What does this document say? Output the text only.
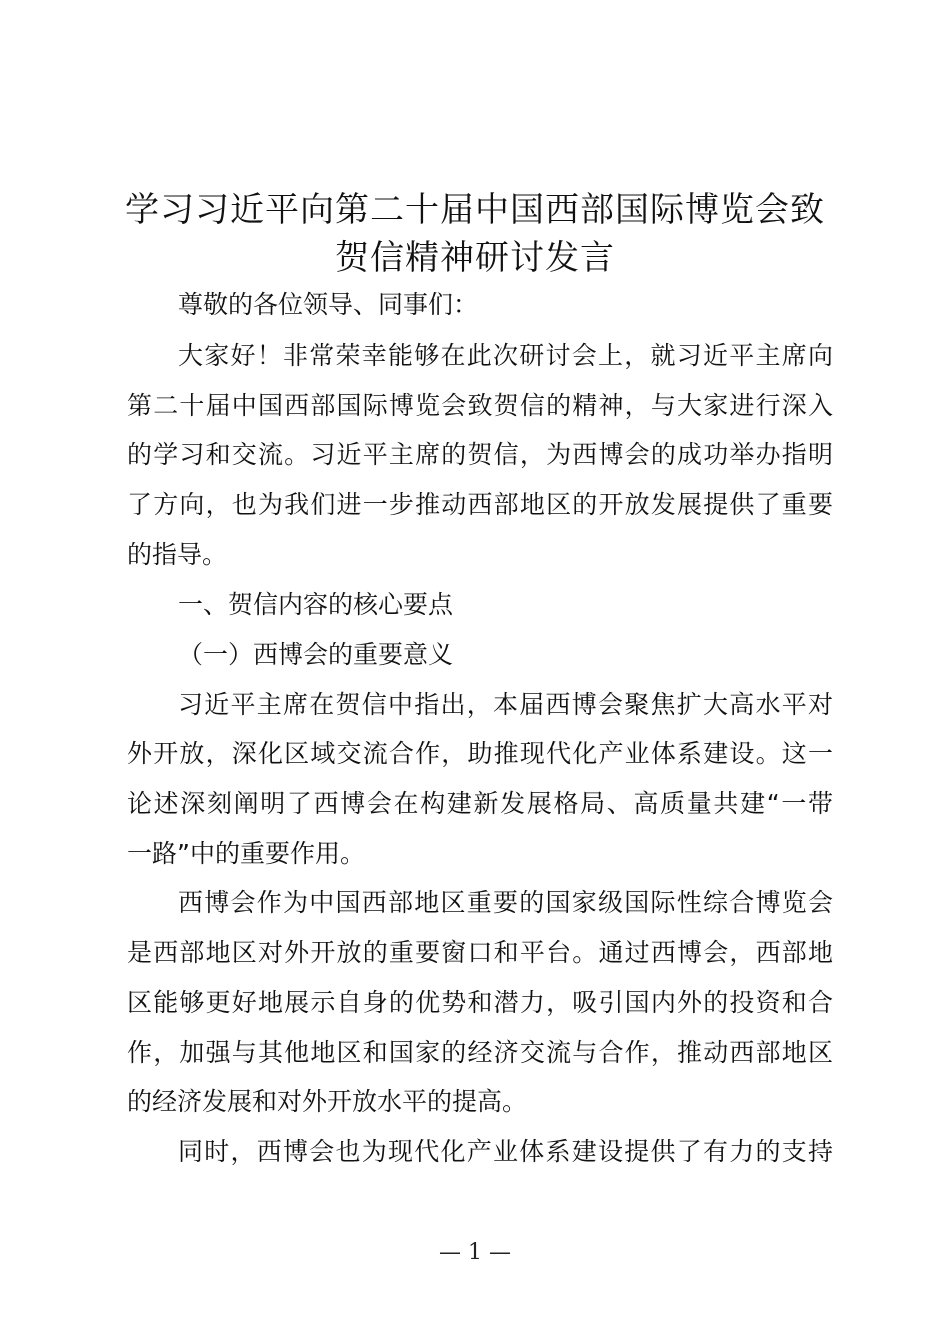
学习习近平向第二十届中国西部国际博览会致
贺信精神研讨发言
尊敬的各位领导、同事们：
大家好！非常荣幸能够在此次研讨会上，就习近平主席向
第二十届中国西部国际博览会致贺信的精神，与大家进行深入
的学习和交流。习近平主席的贺信，为西博会的成功举办指明
了方向，也为我们进一步推动西部地区的开放发展提供了重要
的指导。
一、贺信内容的核心要点
（一）西博会的重要意义
习近平主席在贺信中指出，本届西博会聚焦扩大高水平对
外开放，深化区域交流合作，助推现代化产业体系建设。这一
论述深刻阐明了西博会在构建新发展格局、高质量共建“一带
一路”中的重要作用。
西博会作为中国西部地区重要的国家级国际性综合博览会
是西部地区对外开放的重要窗口和平台。通过西博会，西部地
区能够更好地展示自身的优势和潜力，吸引国内外的投资和合
作，加强与其他地区和国家的经济交流与合作，推动西部地区
的经济发展和对外开放水平的提高。
同时，西博会也为现代化产业体系建设提供了有力的支持
— 1 —
